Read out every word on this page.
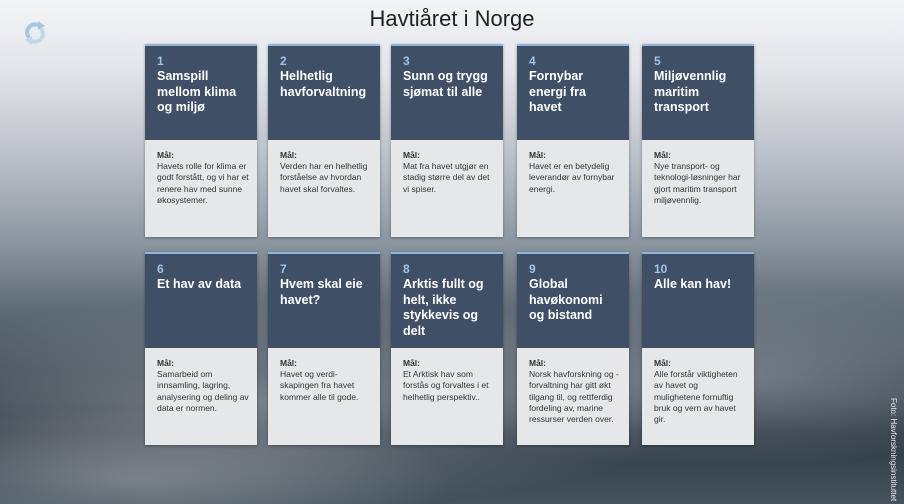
Havtiåret i Norge
1
Samspill mellom klima og miljø
Mål:
Havets rolle for klima er godt forstått, og vi har et renere hav med sunne økosystemer.
2
Helhetlig havforvaltning
Mål:
Verden har en helhetlig forståelse av hvordan havet skal forvaltes.
3
Sunn og trygg sjømat til alle
Mål:
Mat fra havet utgjør en stadig større del av det vi spiser.
4
Fornybar energi fra havet
Mål:
Havet er en betydelig leverandør av fornybar energi.
5
Miljøvennlig maritim transport
Mål:
Nye transport- og teknologi-løsninger har gjort maritim transport miljøvennlig.
6
Et hav av data
Mål:
Samarbeid om innsamling, lagring, analysering og deling av data er normen.
7
Hvem skal eie havet?
Mål:
Havet og verdi-skapingen fra havet kommer alle til gode.
8
Arktis fullt og helt, ikke stykkevis og delt
Mål:
Et Arktisk hav som forstås og forvaltes i et helhetlig perspektiv..
9
Global havøkonomi og bistand
Mål:
Norsk havforskning og -forvaltning har gitt økt tilgang til, og rettferdig fordeling av, marine ressurser verden over.
10
Alle kan hav!
Mål:
Alle forstår viktigheten av havet og mulighetene fornuftig bruk og vern av havet gir.	Foto: Havforskningsinstituttet
